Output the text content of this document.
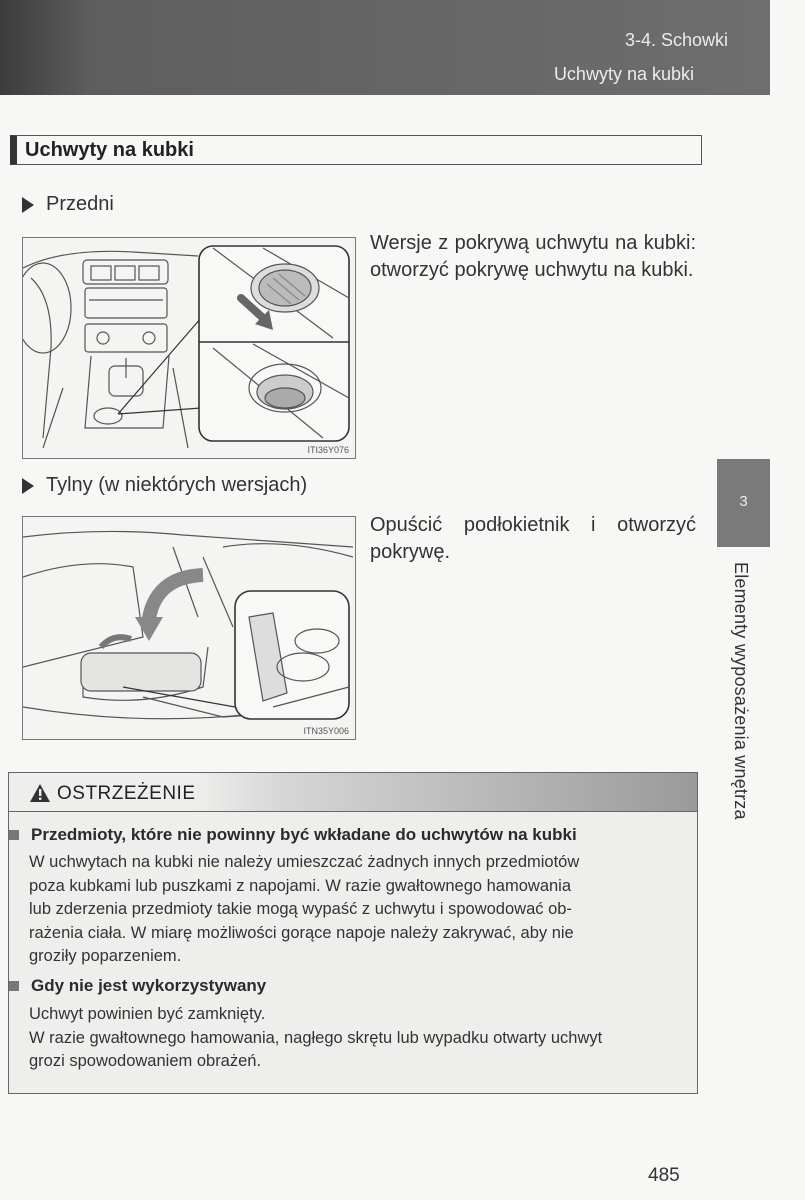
3-4. Schowki
Uchwyty na kubki
Uchwyty na kubki
Przedni
ITI36Y076
Wersje z pokrywą uchwytu na kubki: otworzyć pokrywę uchwytu na kubki.
Tylny (w niektórych wersjach)
ITN35Y006
Opuścić podłokietnik i otworzyć pokrywę.
3
Elementy wyposażenia wnętrza
OSTRZEŻENIE
Przedmioty, które nie powinny być wkładane do uchwytów na kubki
W uchwytach na kubki nie należy umieszczać żadnych innych przedmiotów
poza kubkami lub puszkami z napojami. W razie gwałtownego hamowania
lub zderzenia przedmioty takie mogą wypaść z uchwytu i spowodować ob-
rażenia ciała. W miarę możliwości gorące napoje należy zakrywać, aby nie
groziły poparzeniem.
Gdy nie jest wykorzystywany
Uchwyt powinien być zamknięty.
W razie gwałtownego hamowania, nagłego skrętu lub wypadku otwarty uchwyt
grozi spowodowaniem obrażeń.
485
